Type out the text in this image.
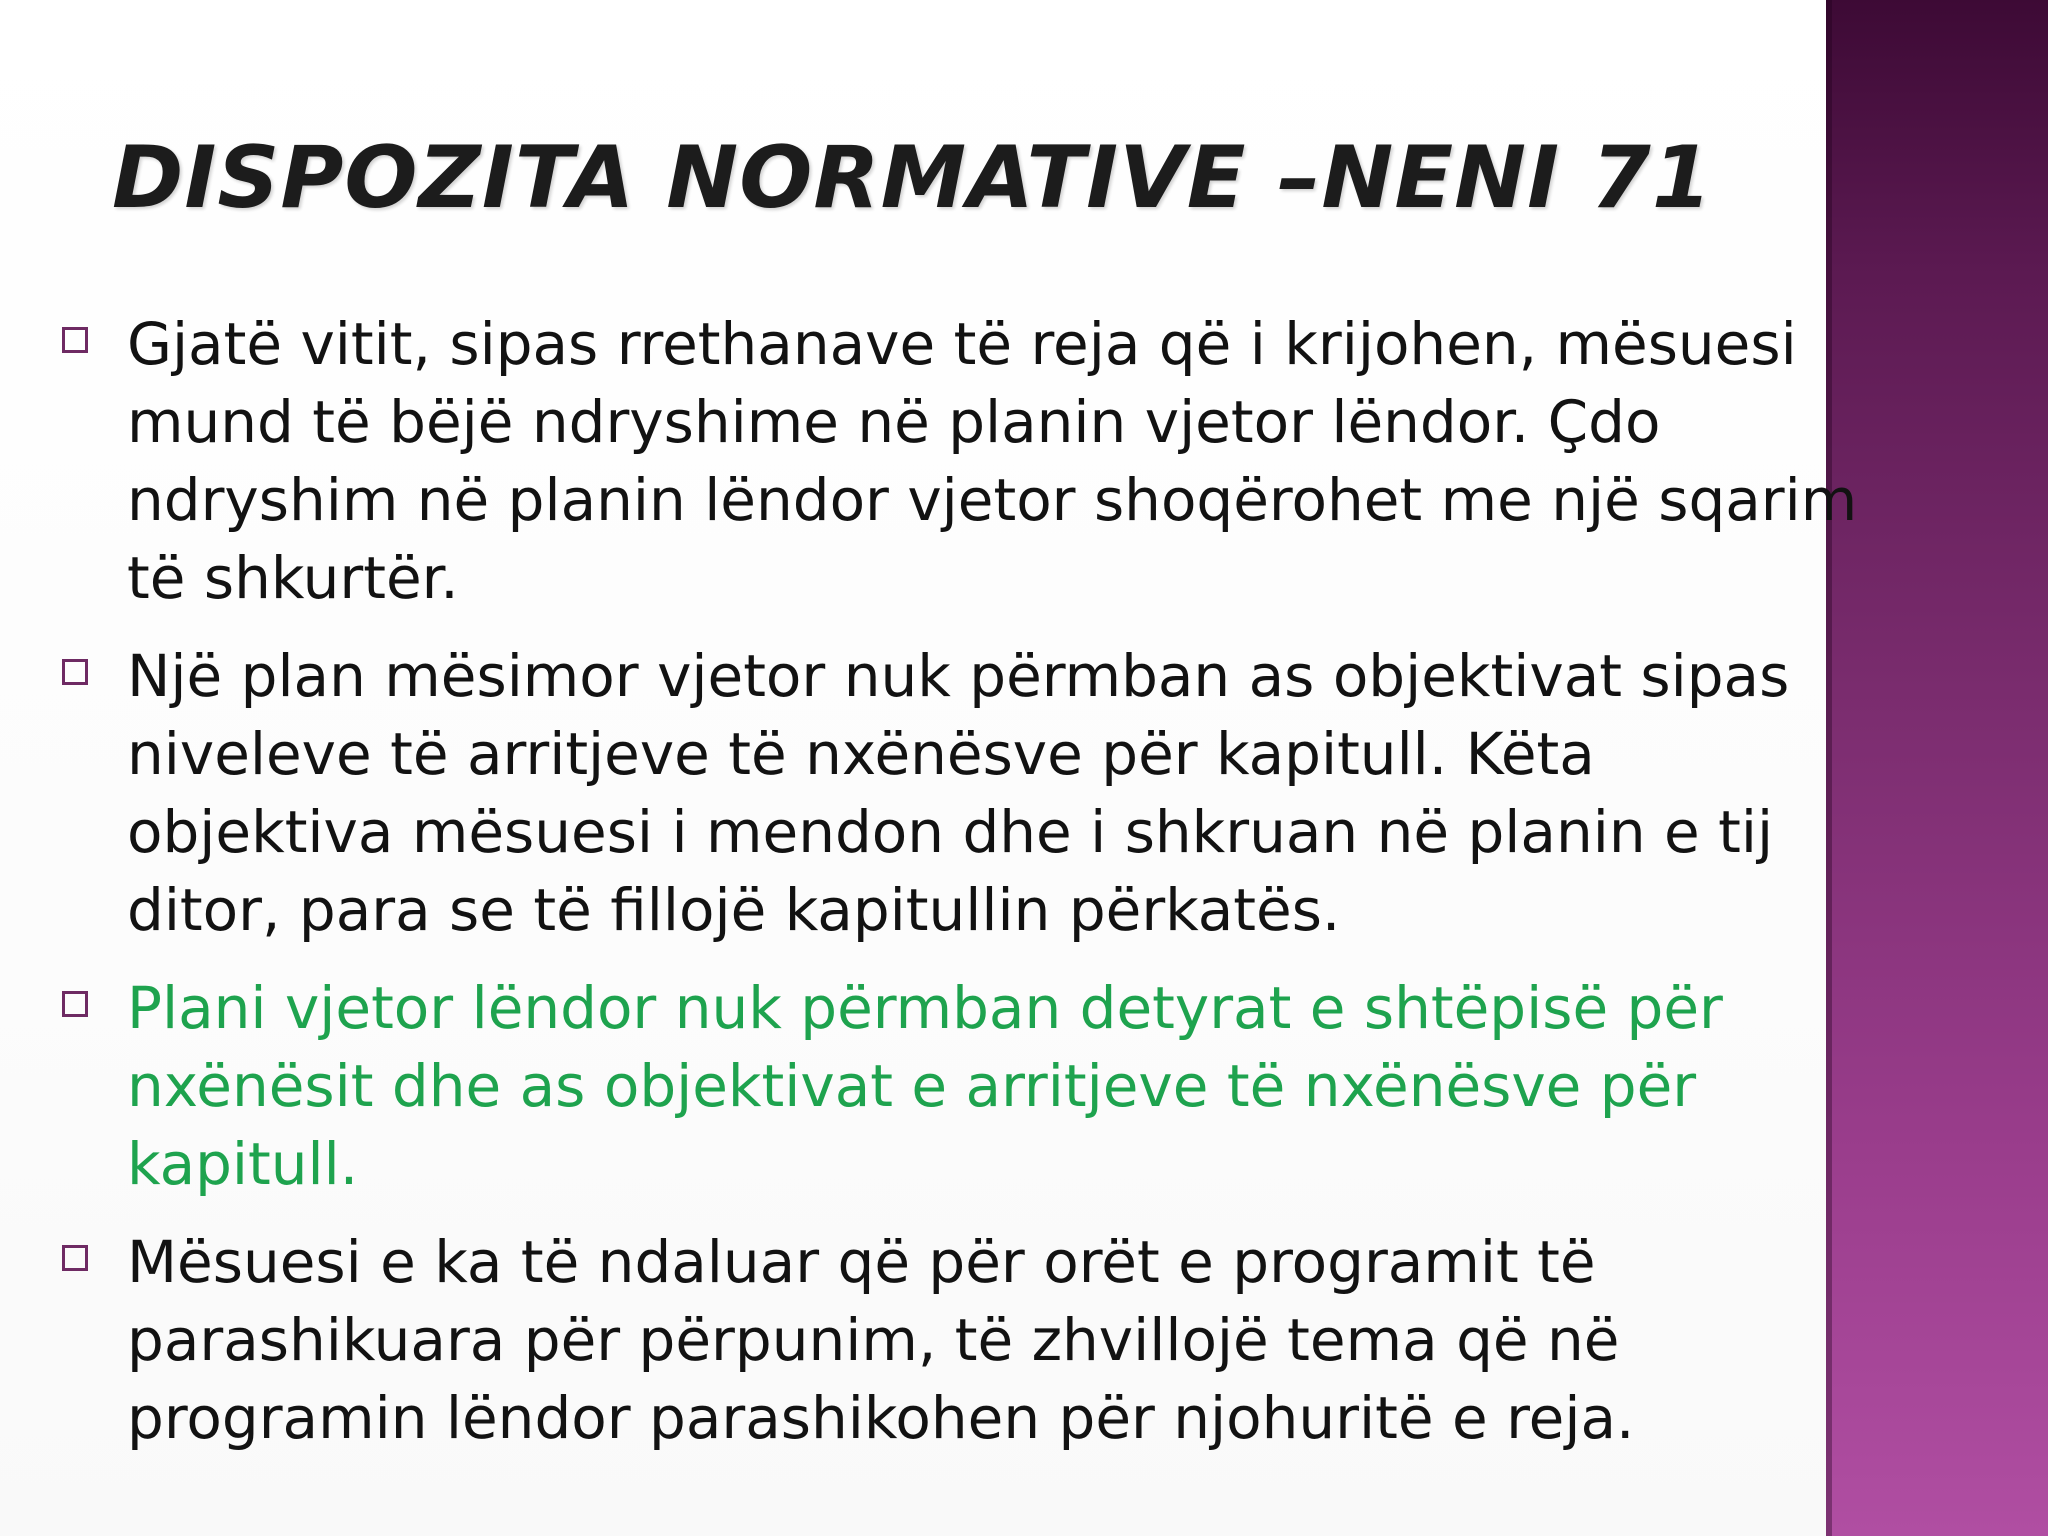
DISPOZITA NORMATIVE –NENI 71
Gjatë vitit, sipas rrethanave të reja që i krijohen, mësuesi
mund të bëjë ndryshime në planin vjetor lëndor. Çdo
ndryshim në planin lëndor vjetor shoqërohet me një sqarim
të shkurtër.
Një plan mësimor vjetor nuk përmban as objektivat sipas
niveleve të arritjeve të nxënësve për kapitull. Këta
objektiva mësuesi i mendon dhe i shkruan në planin e tij
ditor, para se të fillojë kapitullin përkatës.
Plani vjetor lëndor nuk përmban detyrat e shtëpisë për
nxënësit dhe as objektivat e arritjeve të nxënësve për
kapitull.
Mësuesi e ka të ndaluar që për orët e programit të
parashikuara për përpunim, të zhvillojë tema që në
programin lëndor parashikohen për njohuritë e reja.
